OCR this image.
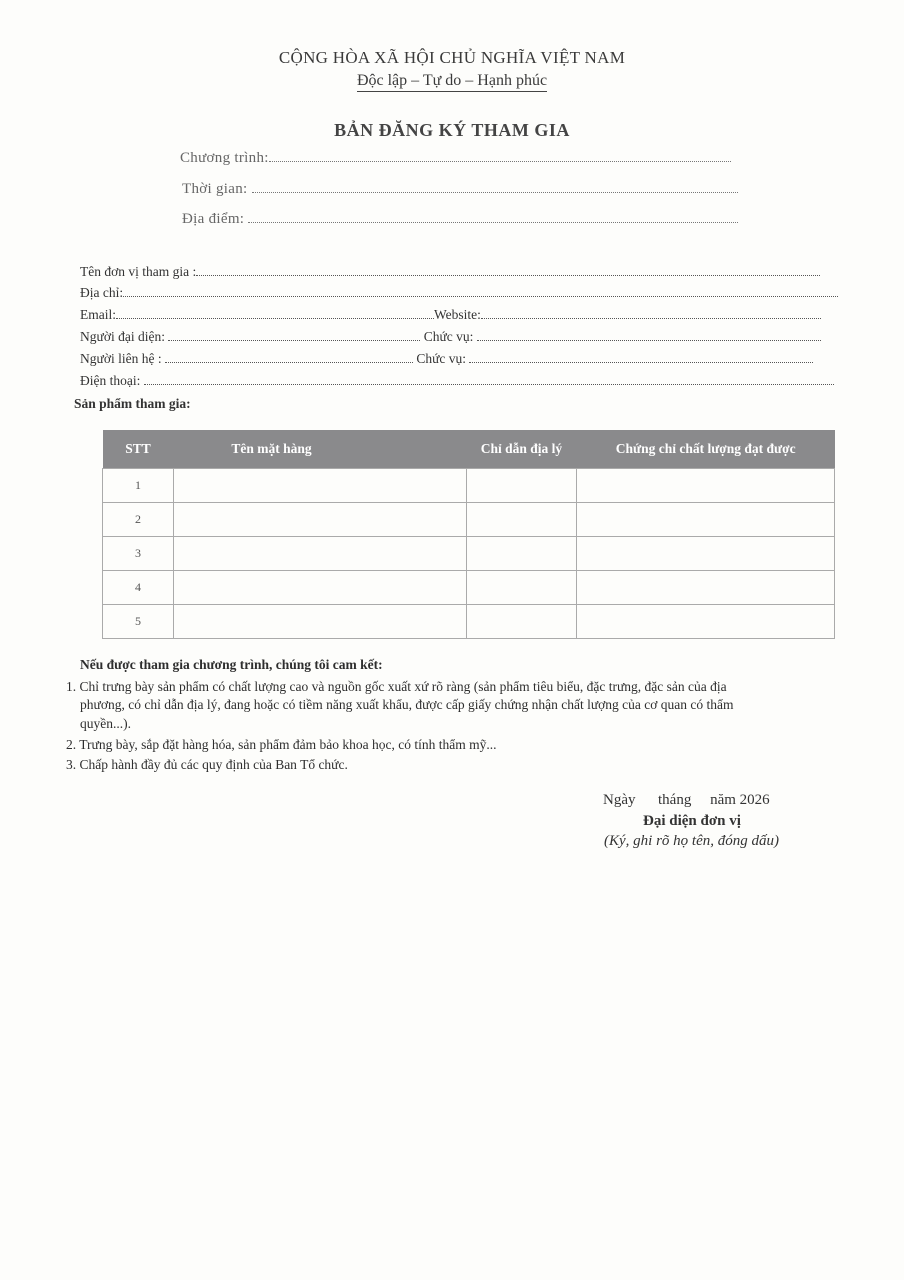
CỘNG HÒA XÃ HỘI CHỦ NGHĨA VIỆT NAM
Độc lập – Tự do – Hạnh phúc
BẢN ĐĂNG KÝ THAM GIA
Chương trình:
Thời gian:
Địa điểm:
Tên đơn vị tham gia :
Địa chỉ:
Email:	Website:
Người đại diện:	Chức vụ:
Người liên hệ :	Chức vụ:
Điện thoại:
Sản phẩm tham gia:
STT	Tên mặt hàng	Chỉ dẫn địa lý	Chứng chỉ chất lượng đạt được
1			
2			
3			
4			
5			
Nếu được tham gia chương trình, chúng tôi cam kết:
1. Chỉ trưng bày sản phẩm có chất lượng cao và nguồn gốc xuất xứ rõ ràng (sản phẩm tiêu biểu, đặc trưng, đặc sản của địa
phương, có chỉ dẫn địa lý, đang hoặc có tiềm năng xuất khẩu, được cấp giấy chứng nhận chất lượng của cơ quan có thẩm
quyền...).
2. Trưng bày, sắp đặt hàng hóa, sản phẩm đảm bảo khoa học, có tính thẩm mỹ...
3. Chấp hành đầy đủ các quy định của Ban Tổ chức.
Ngày      tháng     năm 2026
Đại diện đơn vị
(Ký, ghi rõ họ tên, đóng dấu)
